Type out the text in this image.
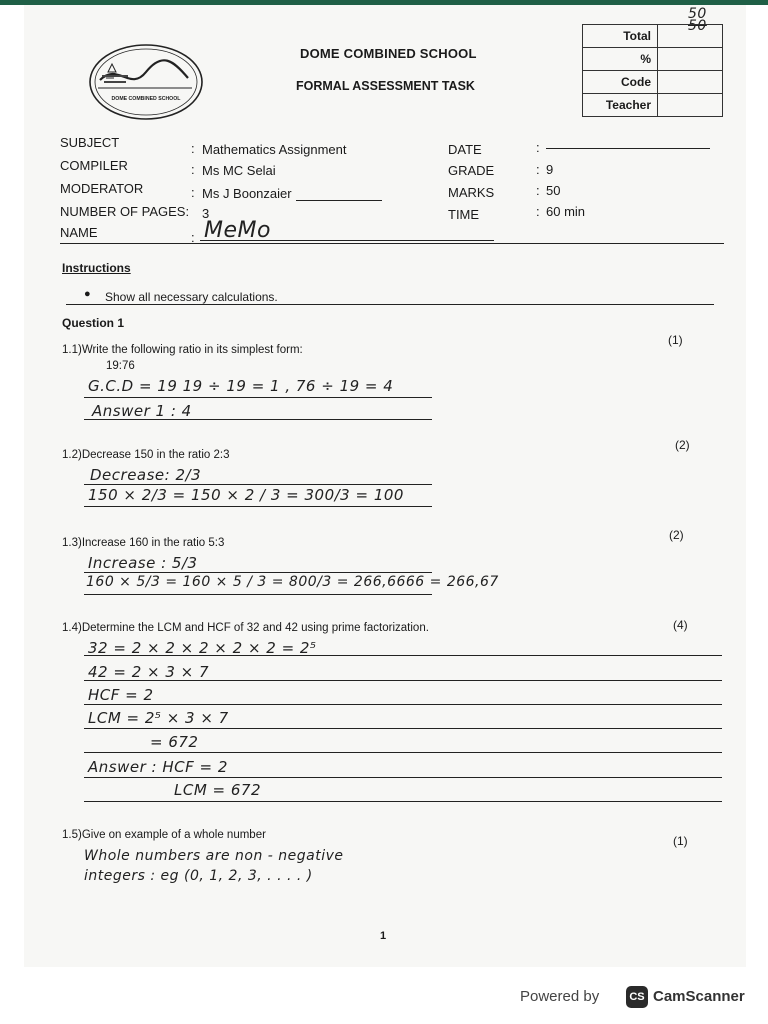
DOME COMBINED SCHOOL
DOME COMBINED SCHOOL
FORMAL ASSESSMENT TASK
50
50
Total	
%	
Code	
Teacher	
SUBJECT	: Mathematics Assignment
COMPILER	: Ms MC Selai
MODERATOR	: Ms J Boonzaier
NUMBER OF PAGES: 3
NAME	: MeMo
DATE	:
GRADE	: 9
MARKS	: 50
TIME	: 60 min
Instructions
● Show all necessary calculations.
Question 1
1.1)Write the following ratio in its simplest form:
19:76
(1)
G.C.D = 19 19 ÷ 19 = 1 , 76 ÷ 19 = 4
Answer 1 : 4
1.2)Decrease 150 in the ratio 2:3
(2)
Decrease: 2/3
150 × 2/3 = 150 × 2 / 3 = 300/3 = 100
1.3)Increase 160 in the ratio 5:3
(2)
Increase : 5/3
160 × 5/3 = 160 × 5 / 3 = 800/3 = 266,6666 = 266,67
1.4)Determine the LCM and HCF of 32 and 42 using prime factorization.	(4)
32 = 2 × 2 × 2 × 2 × 2 = 2⁵
42 = 2 × 3 × 7
HCF = 2
LCM = 2⁵ × 3 × 7
= 672
Answer : HCF = 2
LCM = 672
1.5)Give on example of a whole number	(1)
Whole numbers are non - negative
integers : eg (0, 1, 2, 3, . . . . )
1
Powered by	CS CamScanner
